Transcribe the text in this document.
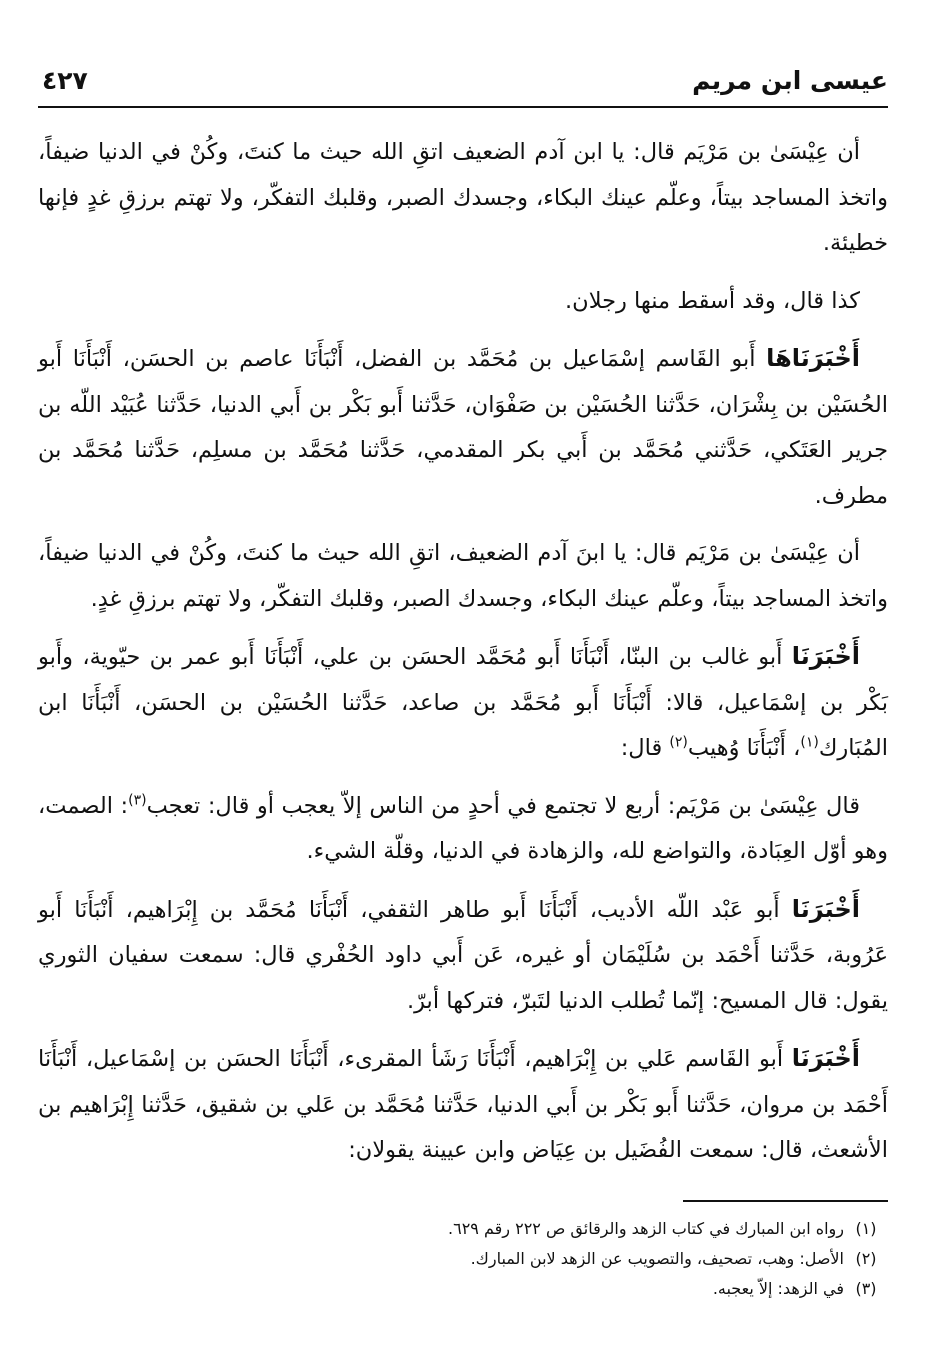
عيسى ابن مريم
٤٢٧

أن عِيْسَىٰ بن مَرْيَم قال: يا ابن آدم الضعيف اتقِ الله حيث ما كنتَ، وكُنْ في الدنيا ضيفاً، واتخذ المساجد بيتاً، وعلّم عينك البكاء، وجسدك الصبر، وقلبك التفكّر، ولا تهتم برزقِ غدٍ فإنها خطيئة.

كذا قال، وقد أسقط منها رجلان.

أَخْبَرَنَاهَا أَبو القَاسم إسْمَاعيل بن مُحَمَّد بن الفضل، أَنْبَأَنَا عاصم بن الحسَن، أَنْبَأَنَا أَبو الحُسَيْن بن بِشْرَان، حَدَّثنا الحُسَيْن بن صَفْوَان، حَدَّثنا أَبو بَكْر بن أَبي الدنيا، حَدَّثنا عُبَيْد اللّه بن جرير العَتَكي، حَدَّثني مُحَمَّد بن أَبي بكر المقدمي، حَدَّثنا مُحَمَّد بن مسلِم، حَدَّثنا مُحَمَّد بن مطرف.

أن عِيْسَىٰ بن مَرْيَم قال: يا ابنَ آدم الضعيف، اتقِ الله حيث ما كنتَ، وكُنْ في الدنيا ضيفاً، واتخذ المساجد بيتاً، وعلّم عينك البكاء، وجسدك الصبر، وقلبك التفكّر، ولا تهتم برزقِ غدٍ.

أَخْبَرَنَا أَبو غالب بن البنّا، أَنْبَأَنَا أَبو مُحَمَّد الحسَن بن علي، أَنْبَأَنَا أَبو عمر بن حيّوية، وأَبو بَكْر بن إسْمَاعيل، قالا: أَنْبَأَنَا أَبو مُحَمَّد بن صاعد، حَدَّثنا الحُسَيْن بن الحسَن، أَنْبَأَنَا ابن المُبَارك$^{(١)}$، أَنْبَأَنَا وُهيب$^{(٢)}$ قال:

قال عِيْسَىٰ بن مَرْيَم: أربع لا تجتمع في أحدٍ من الناس إلاّ يعجب أو قال: تعجب$^{(٣)}$: الصمت، وهو أوّل العِبَادة، والتواضع لله، والزهادة في الدنيا، وقلّة الشيء.

أَخْبَرَنَا أَبو عَبْد اللّه الأديب، أَنْبَأَنَا أَبو طاهر الثقفي، أَنْبَأَنَا مُحَمَّد بن إِبْرَاهيم، أَنْبَأَنَا أَبو عَرُوبة، حَدَّثنا أَحْمَد بن سُلَيْمَان أو غيره، عَن أَبي داود الحُفْري قال: سمعت سفيان الثوري يقول: قال المسيح: إنّما تُطلب الدنيا لتَبرّ، فتركها أبرّ.

أَخْبَرَنَا أَبو القَاسم عَلي بن إِبْرَاهيم، أَنْبَأَنَا رَشَأ المقرىء، أَنْبَأَنَا الحسَن بن إسْمَاعيل، أَنْبَأَنَا أَحْمَد بن مروان، حَدَّثنا أَبو بَكْر بن أَبي الدنيا، حَدَّثنا مُحَمَّد بن عَلي بن شقيق، حَدَّثنا إِبْرَاهيم بن الأشعث، قال: سمعت الفُضَيل بن عِيَاض وابن عيينة يقولان:

(١)
رواه ابن المبارك في كتاب الزهد والرقائق ص ٢٢٢ رقم ٦٢٩.
(٢)
الأصل: وهب، تصحيف، والتصويب عن الزهد لابن المبارك.
(٣)
في الزهد: إلاّ يعجبه.
